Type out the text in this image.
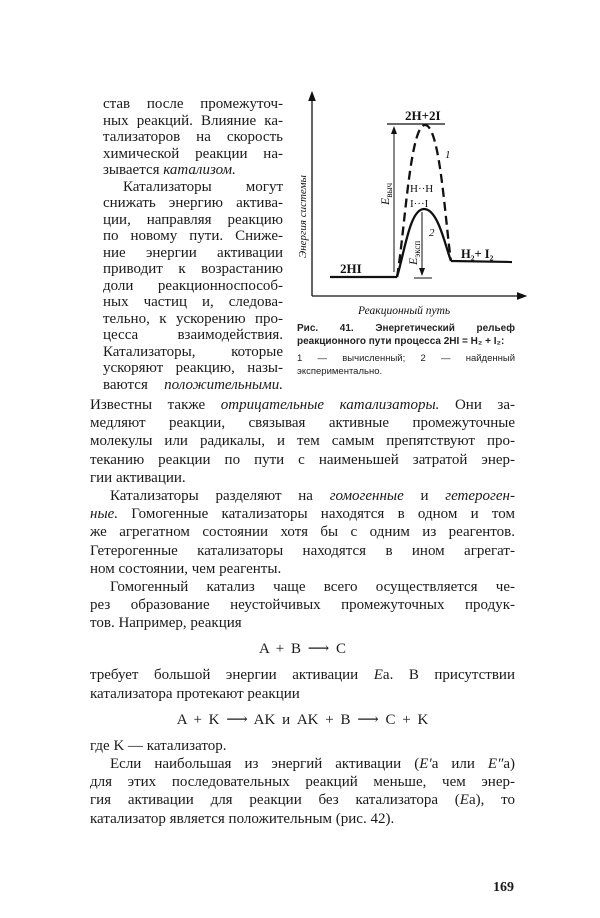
став после промежуточ-
ных реакций. Влияние ка-
тализаторов на скорость
химической реакции на-
зывается катализом.
Катализаторы могут
снижать энергию актива-
ции, направляя реакцию
по новому пути. Сниже-
ние энергии активации
приводит к возрастанию
доли реакционноспособ-
ных частиц и, следова-
тельно, к ускорению про-
цесса взаимодействия.
Катализаторы, которые
ускоряют реакцию, назы-
ваются положительными.
2H+2I
2HI
H₂+ I₂
H··H
I···I
1
2
$E_{выч}$
$E_{эксп}$
Энергия системы
Реакционный путь
Рис. 41. Энергетический рельеф реакционного пути процесса 2HI = H₂ + I₂:
1 — вычисленный; 2 — найденный экспериментально.
Известны также отрицательные катализаторы. Они за-
медляют реакции, связывая активные промежуточные
молекулы или радикалы, и тем самым препятствуют про-
теканию реакции по пути с наименьшей затратой энер-
гии активации.
Катализаторы разделяют на гомогенные и гетероген-
ные. Гомогенные катализаторы находятся в одном и том
же агрегатном состоянии хотя бы с одним из реагентов.
Гетерогенные катализаторы находятся в ином агрегат-
ном состоянии, чем реагенты.
Гомогенный катализ чаще всего осуществляется че-
рез образование неустойчивых промежуточных продук-
тов. Например, реакция
A + B ⟶ C
требует большой энергии активации Eа. В присутствии
катализатора протекают реакции
A + K ⟶ AK и AK + B ⟶ C + K
где K — катализатор.
Если наибольшая из энергий активации (E′а или E″а)
для этих последовательных реакций меньше, чем энер-
гия активации для реакции без катализатора (Eа), то
катализатор является положительным (рис. 42).
169
